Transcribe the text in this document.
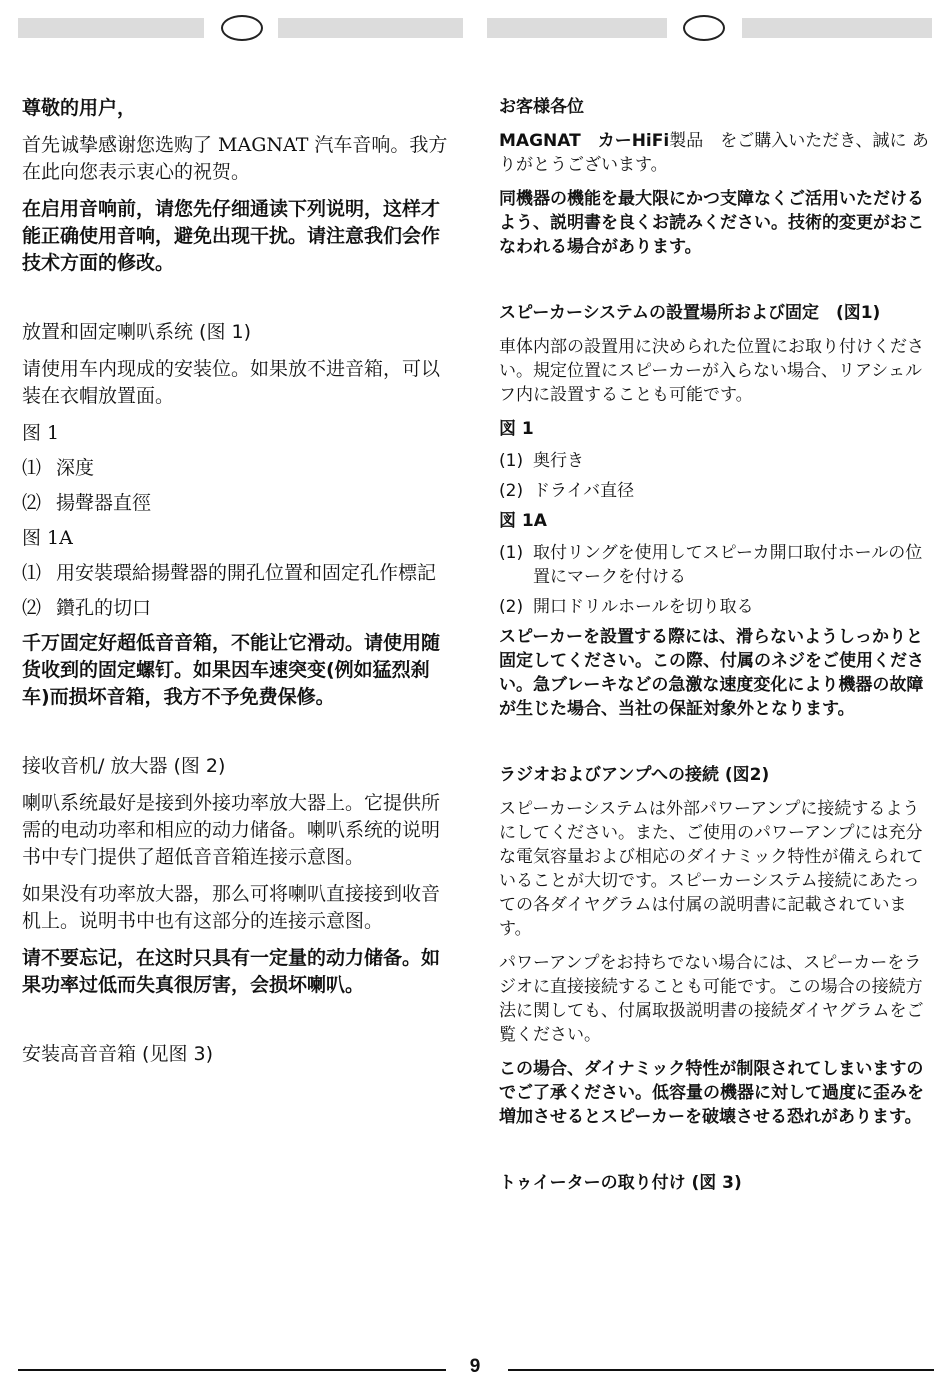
尊敬的用户，

首先诚挚感谢您选购了 MAGNAT 汽车音响。我方在此向您表示衷心的祝贺。

在启用音响前，请您先仔细通读下列说明，这样才能正确使用音响，避免出现干扰。请注意我们会作技术方面的修改。

放置和固定喇叭系统 (图 1)

请使用车内现成的安装位。如果放不进音箱，可以装在衣帽放置面。

图 1

⑴ 深度
⑵ 揚聲器直徑

图 1A

⑴ 用安裝環給揚聲器的開孔位置和固定孔作標記
⑵ 鑽孔的切口

千万固定好超低音音箱，不能让它滑动。请使用随货收到的固定螺钉。如果因车速突变(例如猛烈刹车)而损坏音箱，我方不予免费保修。

接收音机/ 放大器 (图 2)

喇叭系统最好是接到外接功率放大器上。它提供所需的电动功率和相应的动力储备。喇叭系统的说明书中专门提供了超低音音箱连接示意图。

如果没有功率放大器，那么可将喇叭直接接到收音机上。说明书中也有这部分的连接示意图。

请不要忘记，在这时只具有一定量的动力储备。如果功率过低而失真很厉害，会损坏喇叭。

安装高音音箱 (见图 3)

お客様各位

MAGNAT　 カーHiFi製品　をご購入いただき、誠に ありがとうございます。

同機器の機能を最大限にかつ支障なくご活用いただけるよう、説明書を良くお読みください。技術的変更がおこなわれる場合があります。

スピーカーシステムの設置場所および固定　(図1)

車体内部の設置用に決められた位置にお取り付けください。規定位置にスピーカーが入らない場合、リアシェルフ内に設置することも可能です。

図 1

(1) 奥行き
(2) ドライバ直径

図 1A

(1) 取付リングを使用してスピーカ開口取付ホールの位置にマークを付ける
(2) 開口ドリルホールを切り取る

スピーカーを設置する際には、滑らないようしっかりと固定してください。この際、付属のネジをご使用ください。急ブレーキなどの急激な速度変化により機器の故障が生じた場合、当社の保証対象外となります。

ラジオおよびアンプへの接続 (図2)

スピーカーシステムは外部パワーアンプに接続するようにしてください。また、ご使用のパワーアンプには充分な電気容量および相応のダイナミック特性が備えられていることが大切です。スピーカーシステム接続にあたっての各ダイヤグラムは付属の説明書に記載されています。

パワーアンプをお持ちでない場合には、スピーカーをラジオに直接接続することも可能です。この場合の接続方法に関しても、付属取扱説明書の接続ダイヤグラムをご覧ください。

この場合、ダイナミック特性が制限されてしまいますのでご了承ください。低容量の機器に対して過度に歪みを増加させるとスピーカーを破壊させる恐れがあります。

トゥイーターの取り付け (図 3)

9
